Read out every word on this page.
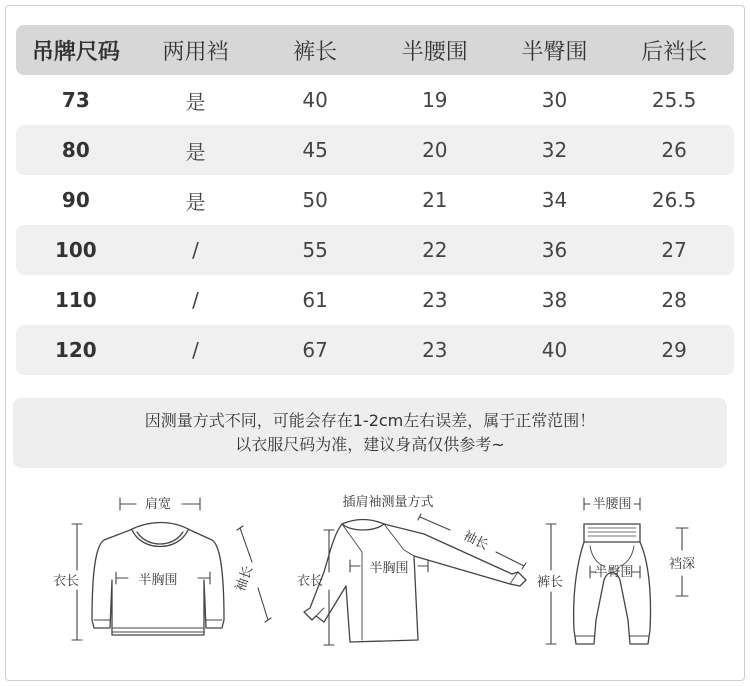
吊牌尺码	两用裆	裤长	半腰围	半臀围	后裆长
73	是	40	19	30	25.5
80	是	45	20	32	26
90	是	50	21	34	26.5
100	/	55	22	36	27
110	/	61	23	38	28
120	/	67	23	40	29
因测量方式不同，可能会存在1-2cm左右误差，属于正常范围！
以衣服尺码为准，建议身高仅供参考~
肩宽
半胸围
衣长	袖长
插肩袖测量方式
衣长
半胸围
袖长
半腰围
半臀围
裤长
裆深
